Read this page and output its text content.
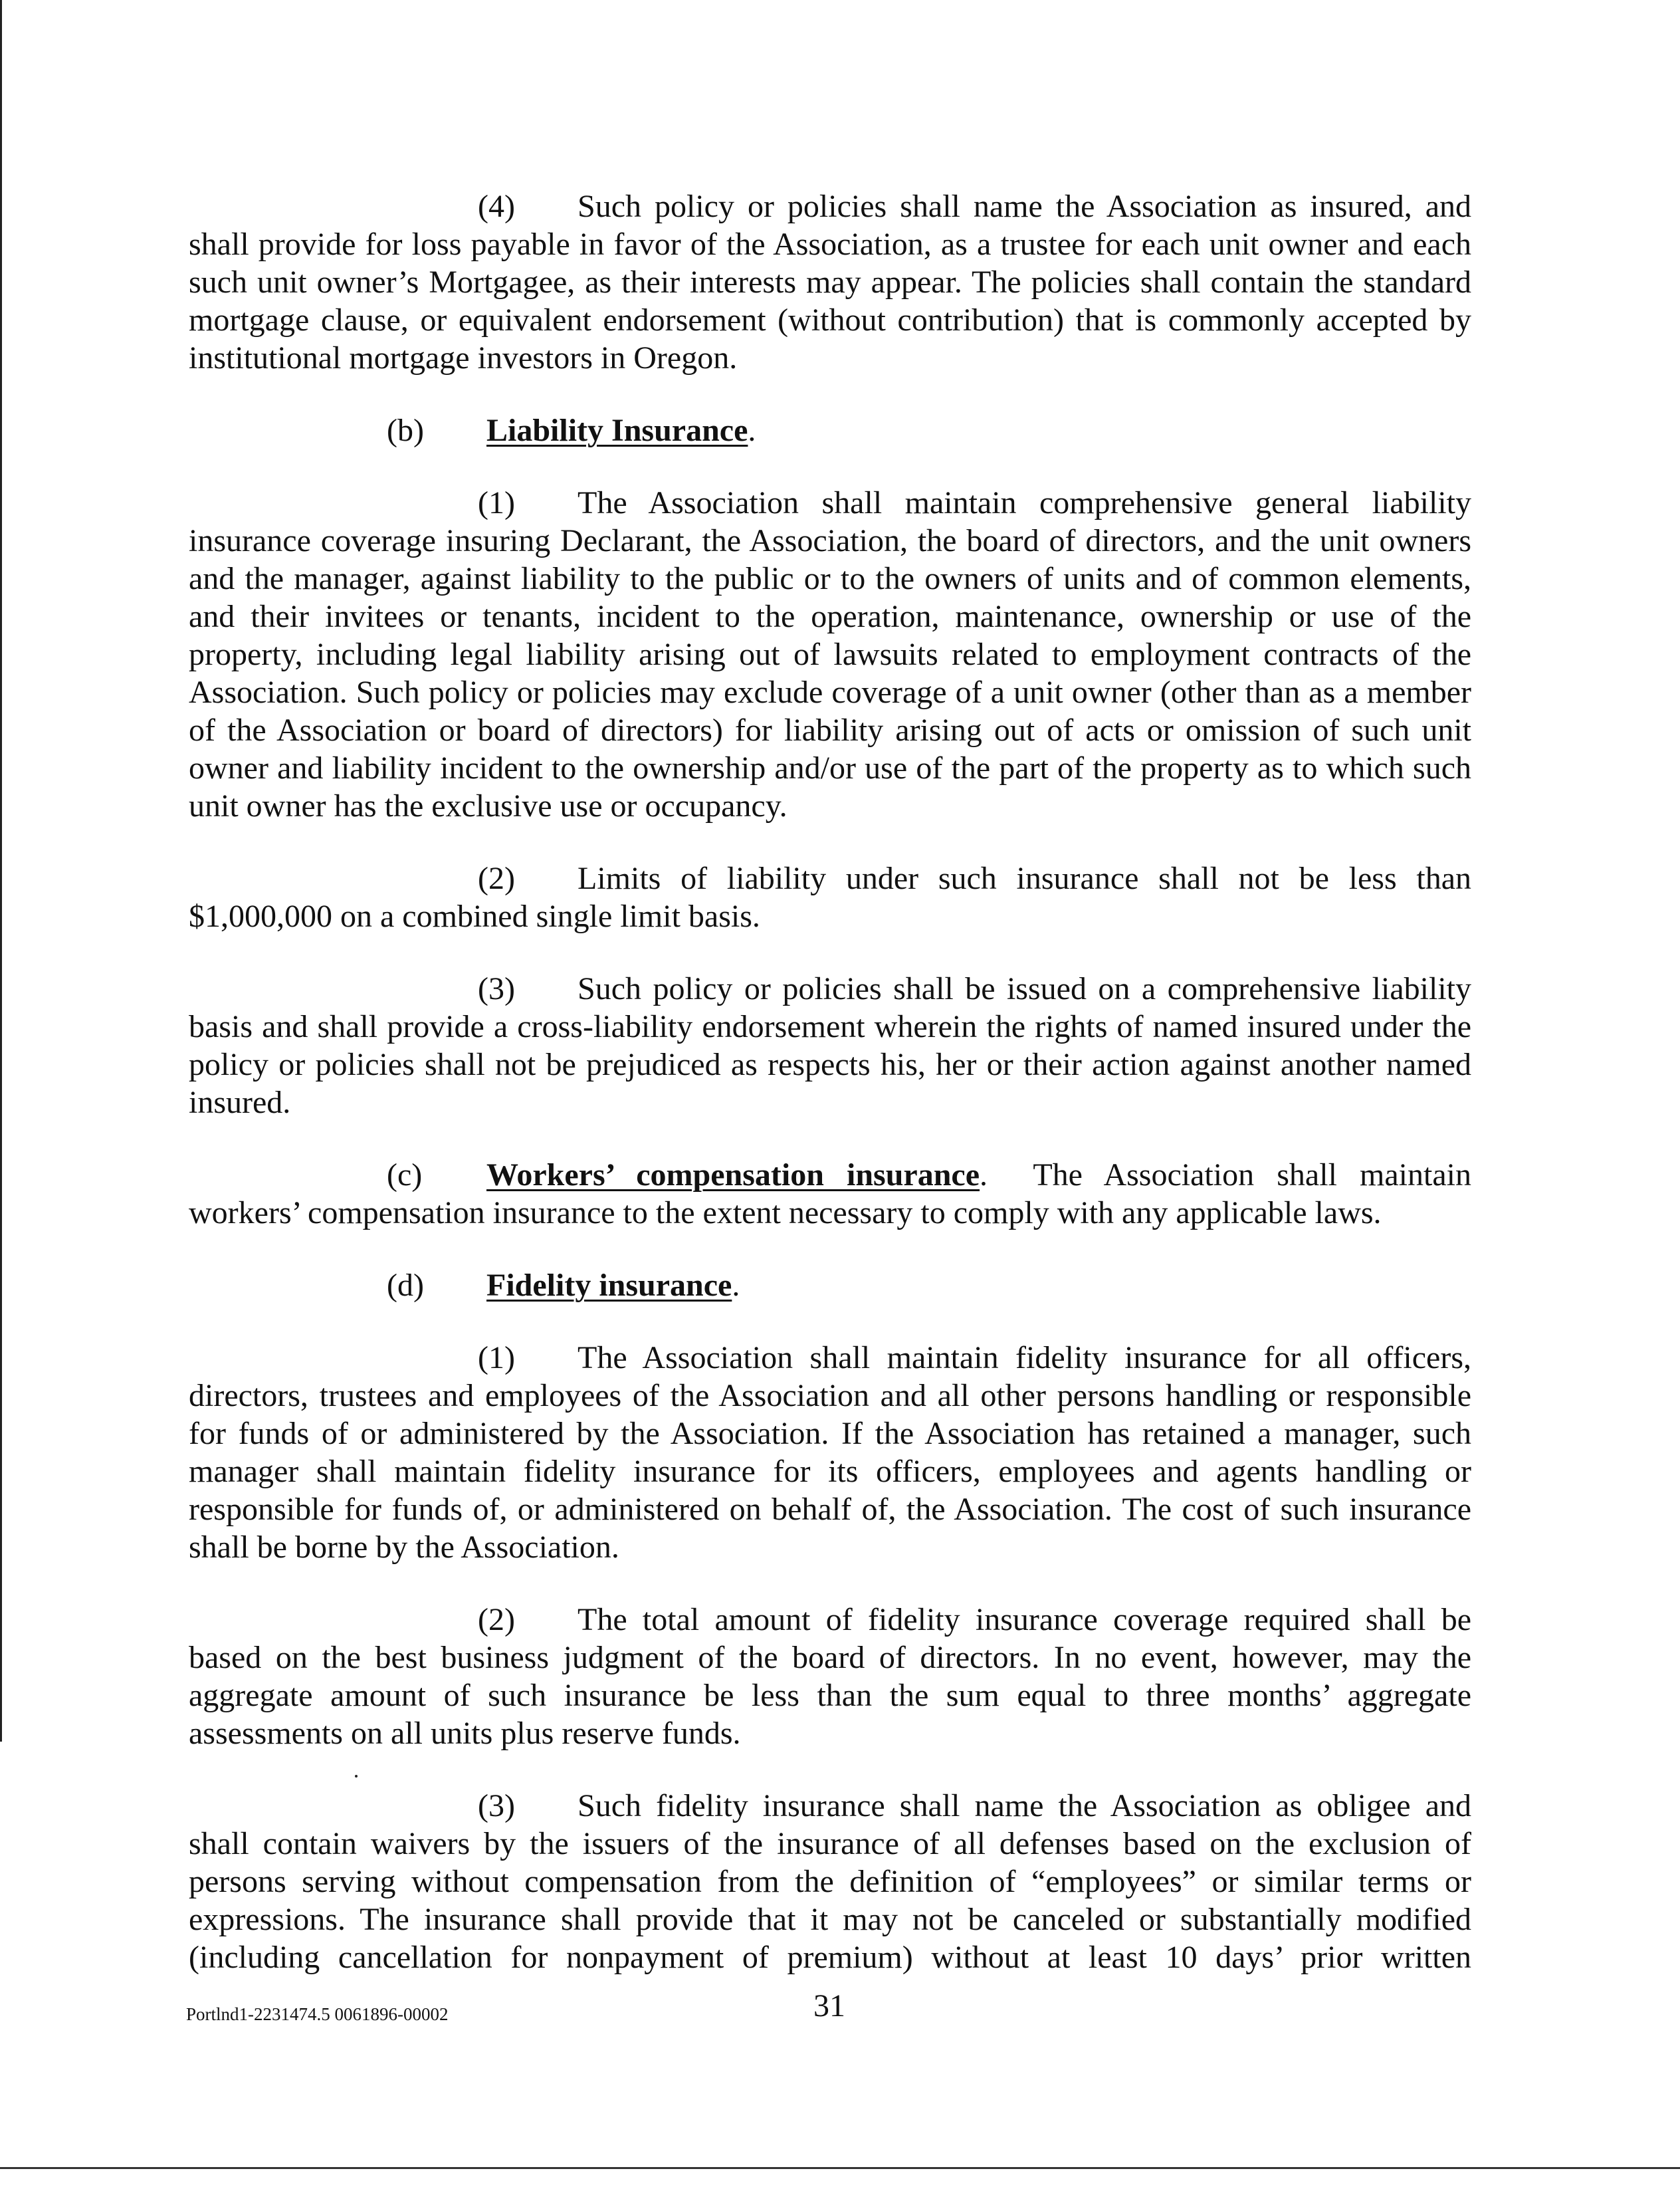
(4) Such policy or policies shall name the Association as insured, and shall provide for loss payable in favor of the Association, as a trustee for each unit owner and each such unit owner’s Mortgagee, as their interests may appear. The policies shall contain the standard mortgage clause, or equivalent endorsement (without contribution) that is commonly accepted by institutional mortgage investors in Oregon.

(b) Liability Insurance.

(1) The Association shall maintain comprehensive general liability insurance coverage insuring Declarant, the Association, the board of directors, and the unit owners and the manager, against liability to the public or to the owners of units and of common elements, and their invitees or tenants, incident to the operation, maintenance, ownership or use of the property, including legal liability arising out of lawsuits related to employment contracts of the Association. Such policy or policies may exclude coverage of a unit owner (other than as a member of the Association or board of directors) for liability arising out of acts or omission of such unit owner and liability incident to the ownership and/or use of the part of the property as to which such unit owner has the exclusive use or occupancy.

(2) Limits of liability under such insurance shall not be less than $1,000,000 on a combined single limit basis.

(3) Such policy or policies shall be issued on a comprehensive liability basis and shall provide a cross-liability endorsement wherein the rights of named insured under the policy or policies shall not be prejudiced as respects his, her or their action against another named insured.

(c) Workers’ compensation insurance. The Association shall maintain workers’ compensation insurance to the extent necessary to comply with any applicable laws.

(d) Fidelity insurance.

(1) The Association shall maintain fidelity insurance for all officers, directors, trustees and employees of the Association and all other persons handling or responsible for funds of or administered by the Association. If the Association has retained a manager, such manager shall maintain fidelity insurance for its officers, employees and agents handling or responsible for funds of, or administered on behalf of, the Association. The cost of such insurance shall be borne by the Association.

(2) The total amount of fidelity insurance coverage required shall be based on the best business judgment of the board of directors. In no event, however, may the aggregate amount of such insurance be less than the sum equal to three months’ aggregate assessments on all units plus reserve funds.

(3) Such fidelity insurance shall name the Association as obligee and shall contain waivers by the issuers of the insurance of all defenses based on the exclusion of persons serving without compensation from the definition of “employees” or similar terms or expressions. The insurance shall provide that it may not be canceled or substantially modified (including cancellation for nonpayment of premium) without at least 10 days’ prior written

Portlnd1-2231474.5 0061896-00002	31
